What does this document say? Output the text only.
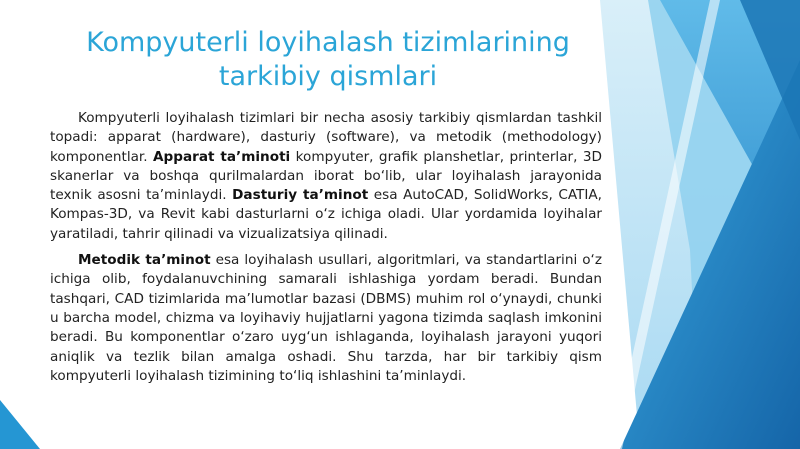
Kompyuterli loyihalash tizimlarining tarkibiy qismlari

Kompyuterli loyihalash tizimlari bir necha asosiy tarkibiy qismlardan tashkil topadi: apparat (hardware), dasturiy (software), va metodik (methodology) komponentlar. Apparat ta’minoti kompyuter, grafik planshetlar, printerlar, 3D skanerlar va boshqa qurilmalardan iborat bo‘lib, ular loyihalash jarayonida texnik asosni ta’minlaydi. Dasturiy ta’minot esa AutoCAD, SolidWorks, CATIA, Kompas-3D, va Revit kabi dasturlarni o‘z ichiga oladi. Ular yordamida loyihalar yaratiladi, tahrir qilinadi va vizualizatsiya qilinadi.

Metodik ta’minot esa loyihalash usullari, algoritmlari, va standartlarini o‘z ichiga olib, foydalanuvchining samarali ishlashiga yordam beradi. Bundan tashqari, CAD tizimlarida ma’lumotlar bazasi (DBMS) muhim rol o‘ynaydi, chunki u barcha model, chizma va loyihaviy hujjatlarni yagona tizimda saqlash imkonini beradi. Bu komponentlar o‘zaro uyg‘un ishlaganda, loyihalash jarayoni yuqori aniqlik va tezlik bilan amalga oshadi. Shu tarzda, har bir tarkibiy qism kompyuterli loyihalash tizimining to‘liq ishlashini ta’minlaydi.
